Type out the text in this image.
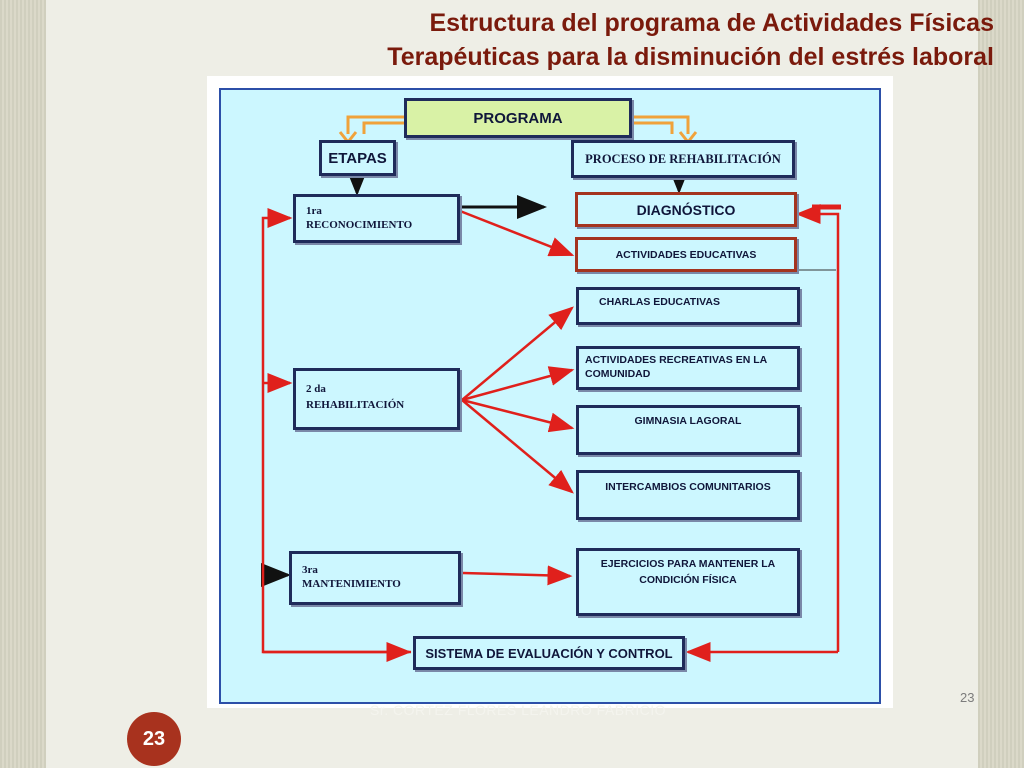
Estructura del programa de Actividades Físicas
Terapéuticas para la disminución del estrés laboral
PROGRAMA
ETAPAS	PROCESO DE REHABILITACIÓN
1ra
RECONOCIMIENTO
DIAGNÓSTICO
ACTIVIDADES EDUCATIVAS
CHARLAS EDUCATIVAS
ACTIVIDADES RECREATIVAS EN LA
COMUNIDAD
GIMNASIA LAGORAL
INTERCAMBIOS COMUNITARIOS
2 da
REHABILITACIÓN
3ra
MANTENIMIENTO
EJERCICIOS PARA MANTENER LA
CONDICIÓN FÍSICA
SISTEMA DE EVALUACIÓN Y CONTROL
Sr. CORTEZ FLORES LEANDRO FABRICIO
23
23
